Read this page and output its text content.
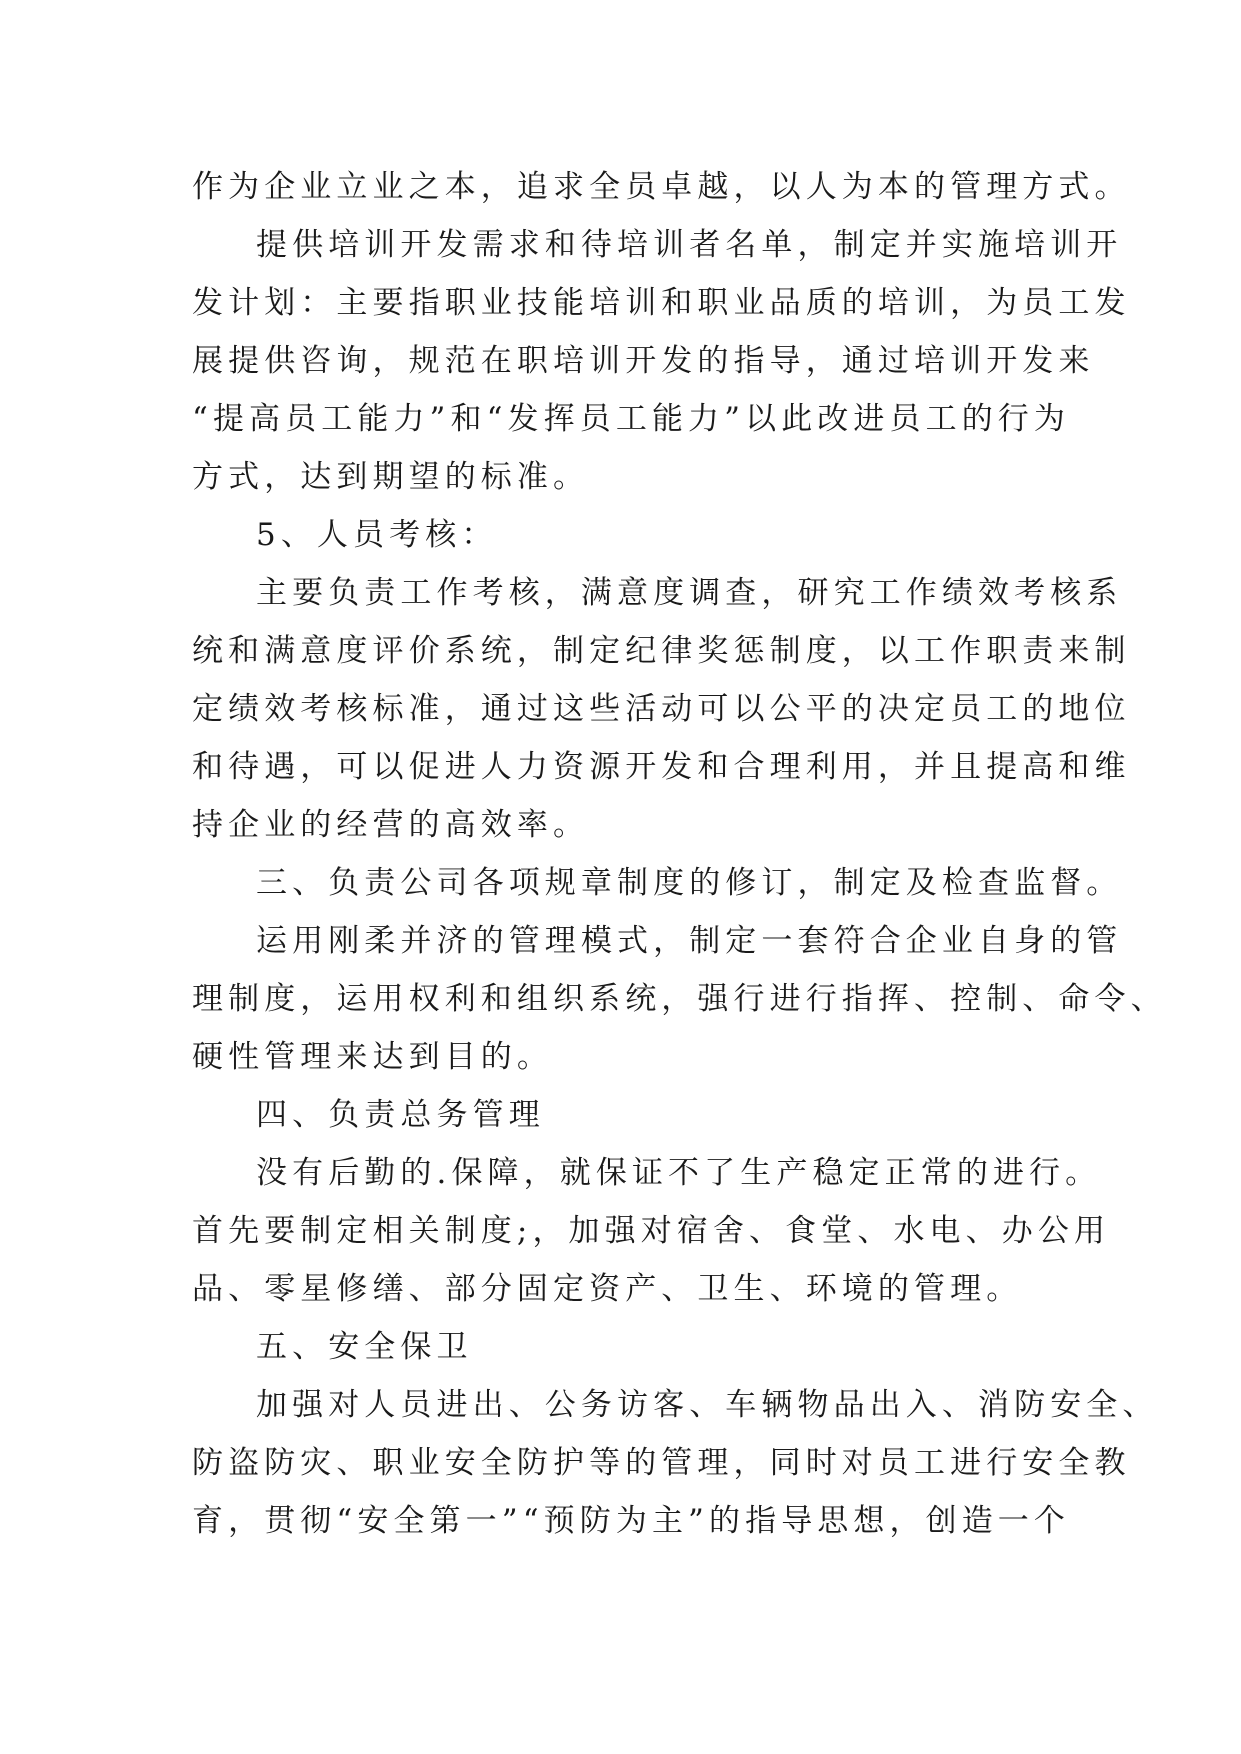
作为企业立业之本，追求全员卓越，以人为本的管理方式。
提供培训开发需求和待培训者名单，制定并实施培训开
发计划：主要指职业技能培训和职业品质的培训，为员工发
展提供咨询，规范在职培训开发的指导，通过培训开发来
“提高员工能力”和“发挥员工能力”以此改进员工的行为
方式，达到期望的标准。
5、人员考核：
主要负责工作考核，满意度调查，研究工作绩效考核系
统和满意度评价系统，制定纪律奖惩制度，以工作职责来制
定绩效考核标准，通过这些活动可以公平的决定员工的地位
和待遇，可以促进人力资源开发和合理利用，并且提高和维
持企业的经营的高效率。
三、负责公司各项规章制度的修订，制定及检查监督。
运用刚柔并济的管理模式，制定一套符合企业自身的管
理制度，运用权利和组织系统，强行进行指挥、控制、命令、
硬性管理来达到目的。
四、负责总务管理
没有后勤的.保障，就保证不了生产稳定正常的进行。
首先要制定相关制度;，加强对宿舍、食堂、水电、办公用
品、零星修缮、部分固定资产、卫生、环境的管理。
五、安全保卫
加强对人员进出、公务访客、车辆物品出入、消防安全、
防盗防灾、职业安全防护等的管理，同时对员工进行安全教
育，贯彻“安全第一”“预防为主”的指导思想，创造一个
